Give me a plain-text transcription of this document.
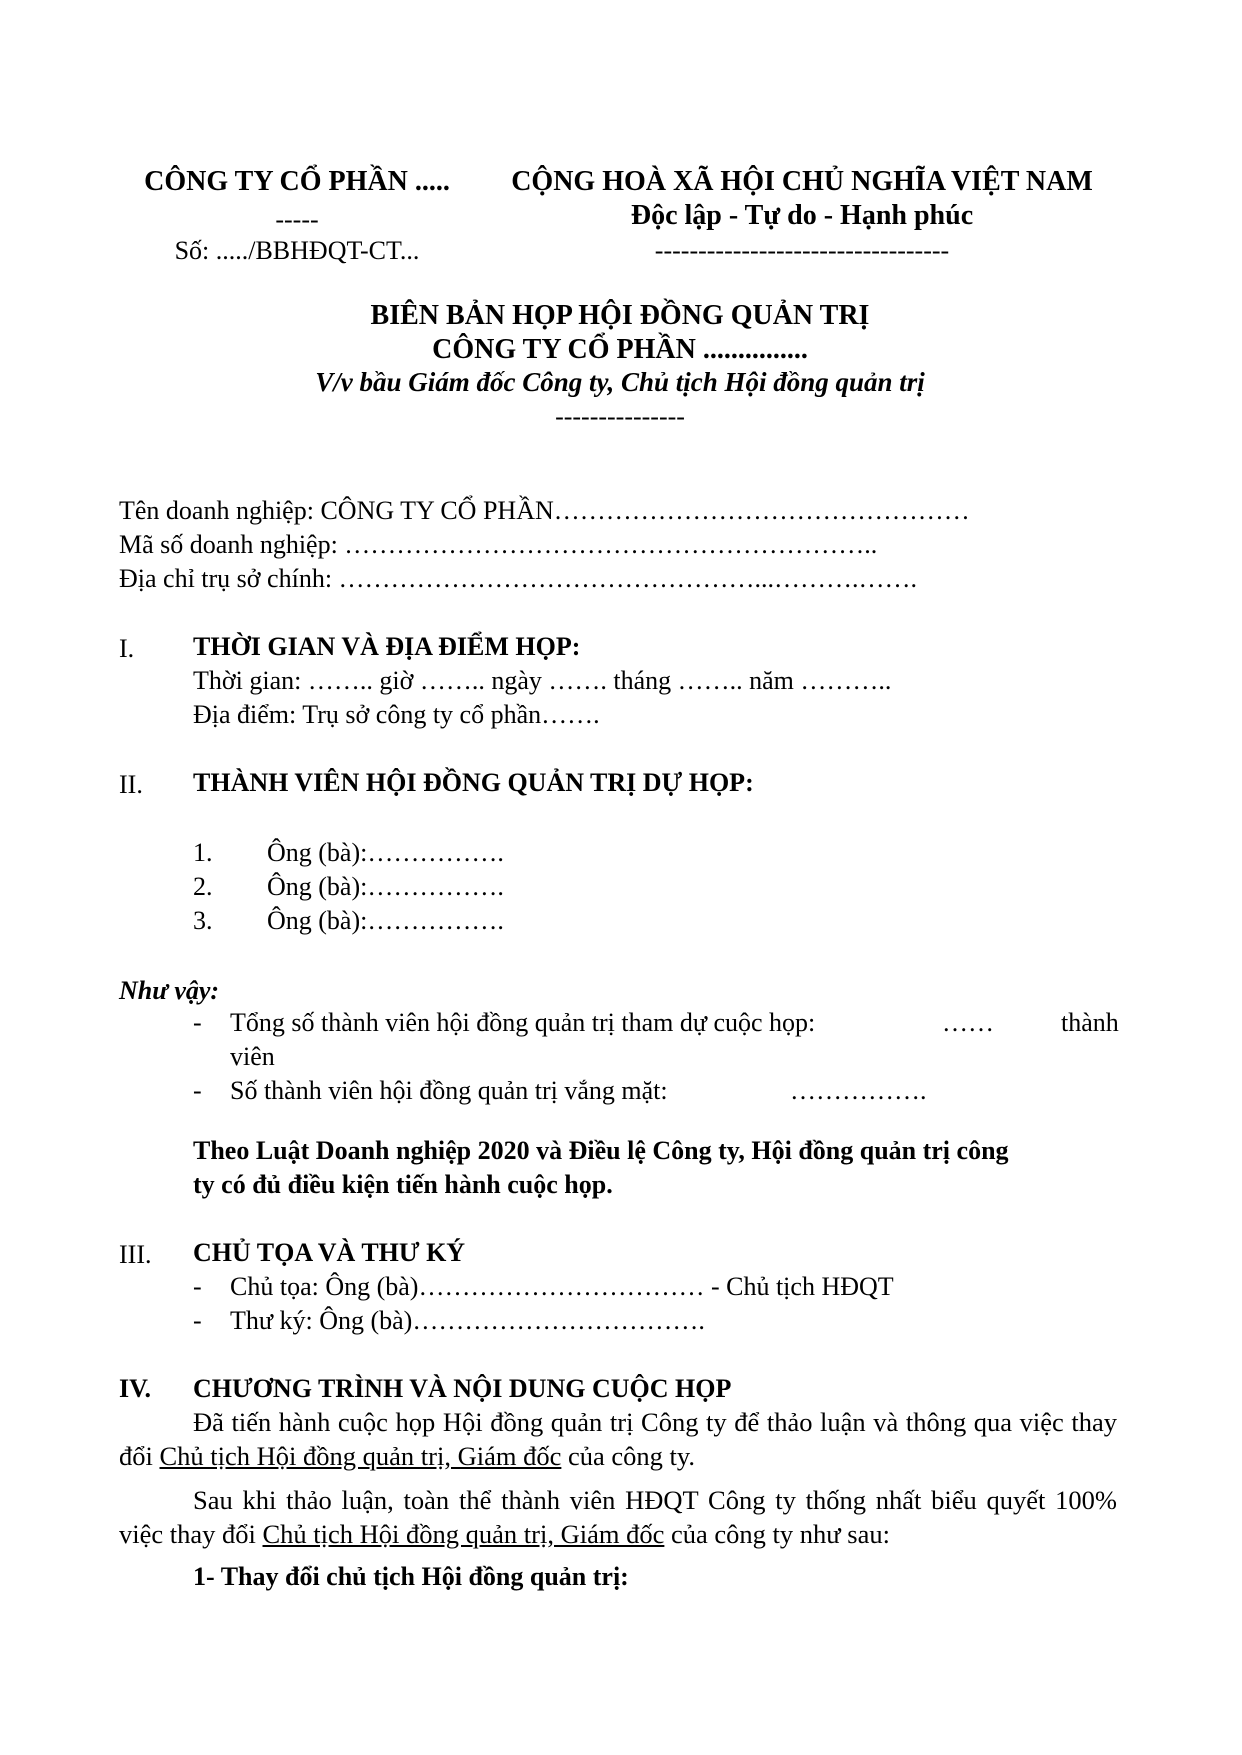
CÔNG TY CỔ PHẦN .....
-----
Số: ...../BBHĐQT-CT...
CỘNG HOÀ XÃ HỘI CHỦ NGHĨA VIỆT NAM
Độc lập - Tự do - Hạnh phúc
----------------------------------
BIÊN BẢN HỌP HỘI ĐỒNG QUẢN TRỊ
CÔNG TY CỔ PHẦN ...............
V/v bầu Giám đốc Công ty, Chủ tịch Hội đồng quản trị
---------------
Tên doanh nghiệp: CÔNG TY CỔ PHẦN…………………………………………
Mã số doanh nghiệp: ……………………………………………………..
Địa chỉ trụ sở chính: …………………………………………...……….…….
I. THỜI GIAN VÀ ĐỊA ĐIỂM HỌP:
Thời gian: …….. giờ …….. ngày ……. tháng …….. năm ………..
Địa điểm: Trụ sở công ty cổ phần…….
II. THÀNH VIÊN HỘI ĐỒNG QUẢN TRỊ DỰ HỌP:
1. Ông (bà):…………….
2. Ông (bà):…………….
3. Ông (bà):…………….
Như vậy:
- Tổng số thành viên hội đồng quản trị tham dự cuộc họp:	……	thành
viên
- Số thành viên hội đồng quản trị vắng mặt:	…………….
Theo Luật Doanh nghiệp 2020 và Điều lệ Công ty, Hội đồng quản trị công
ty có đủ điều kiện tiến hành cuộc họp.
III. CHỦ TỌA VÀ THƯ KÝ
- Chủ tọa: Ông (bà)…………………………… - Chủ tịch HĐQT
- Thư ký: Ông (bà)…………………………….
IV. CHƯƠNG TRÌNH VÀ NỘI DUNG CUỘC HỌP
Đã tiến hành cuộc họp Hội đồng quản trị Công ty để thảo luận và thông qua việc thay đổi Chủ tịch Hội đồng quản trị, Giám đốc của công ty.
Sau khi thảo luận, toàn thể thành viên HĐQT Công ty thống nhất biểu quyết 100% việc thay đổi Chủ tịch Hội đồng quản trị, Giám đốc của công ty như sau:
1- Thay đổi chủ tịch Hội đồng quản trị:
